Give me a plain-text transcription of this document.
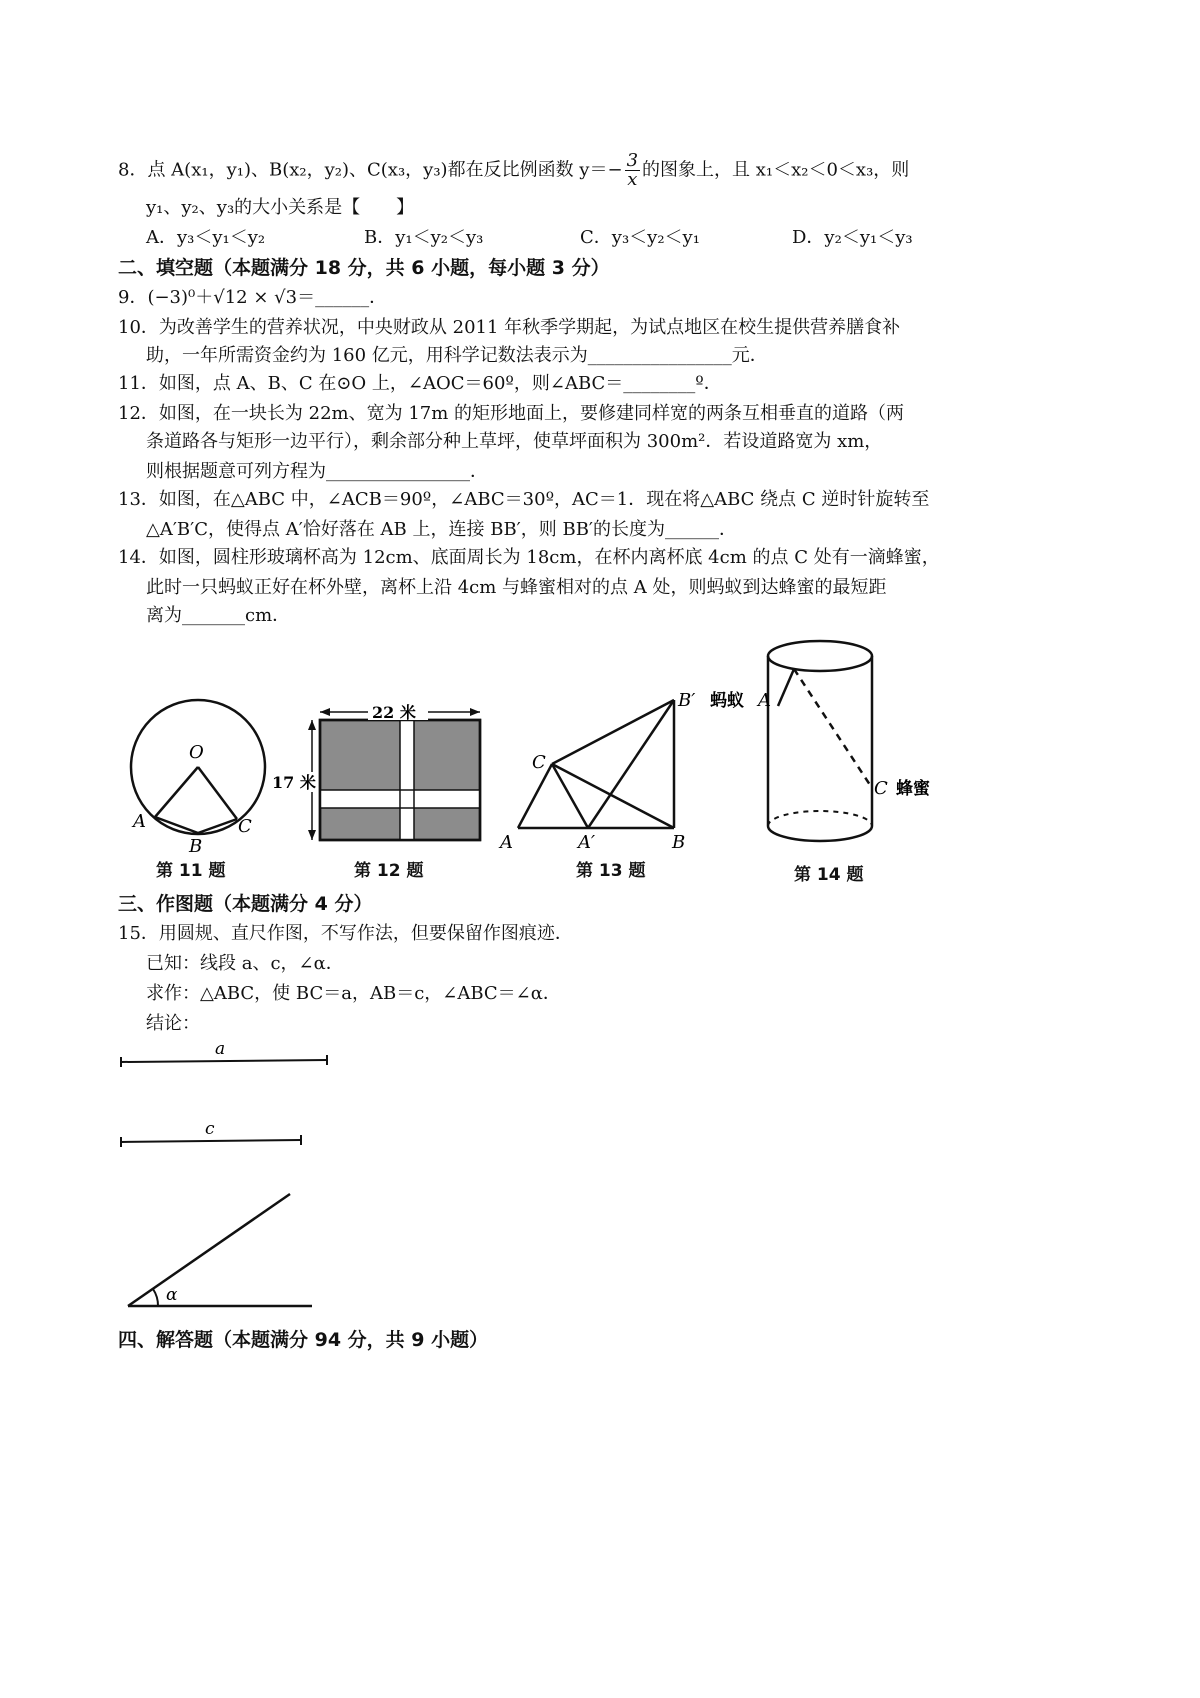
8．点 A(x₁，y₁)、B(x₂，y₂)、C(x₃，y₃)都在反比例函数 $y=- \frac{3}{x}$ 的图象上，且 x₁＜x₂＜0＜x₃，则
y₁、y₂、y₃的大小关系是【　　】
A．y₃＜y₁＜y₂	B．y₁＜y₂＜y₃	C．y₃＜y₂＜y₁	D．y₂＜y₁＜y₃
二、填空题（本题满分 18 分，共 6 小题，每小题 3 分）
9．(−3)⁰＋√12 × √3＝______．
10．为改善学生的营养状况，中央财政从 2011 年秋季学期起，为试点地区在校生提供营养膳食补
助，一年所需资金约为 160 亿元，用科学记数法表示为________________元．
11．如图，点 A、B、C 在⊙O 上，∠AOC＝60º，则∠ABC＝________º．
12．如图，在一块长为 22m、宽为 17m 的矩形地面上，要修建同样宽的两条互相垂直的道路（两
条道路各与矩形一边平行），剩余部分种上草坪，使草坪面积为 300m²．若设道路宽为 xm，
则根据题意可列方程为________________．
13．如图，在△ABC 中，∠ACB＝90º，∠ABC＝30º，AC＝1．现在将△ABC 绕点 C 逆时针旋转至
△A′B′C，使得点 A′恰好落在 AB 上，连接 BB′，则 BB′的长度为______．
14．如图，圆柱形玻璃杯高为 12cm、底面周长为 18cm，在杯内离杯底 4cm 的点 C 处有一滴蜂蜜，
此时一只蚂蚁正好在杯外壁，离杯上沿 4cm 与蜂蜜相对的点 A 处，则蚂蚁到达蜂蜜的最短距
离为_______cm．
O
A
B
C
第 11 题
22 米
17 米
第 12 题
C
A	A′	B
B′
第 13 题
蚂蚁 A
C 蜂蜜
第 14 题
三、作图题（本题满分 4 分）
15．用圆规、直尺作图，不写作法，但要保留作图痕迹．
已知：线段 a、c，∠α．
求作：△ABC，使 BC＝a，AB＝c，∠ABC＝∠α．
结论：
a
c
α
四、解答题（本题满分 94 分，共 9 小题）
